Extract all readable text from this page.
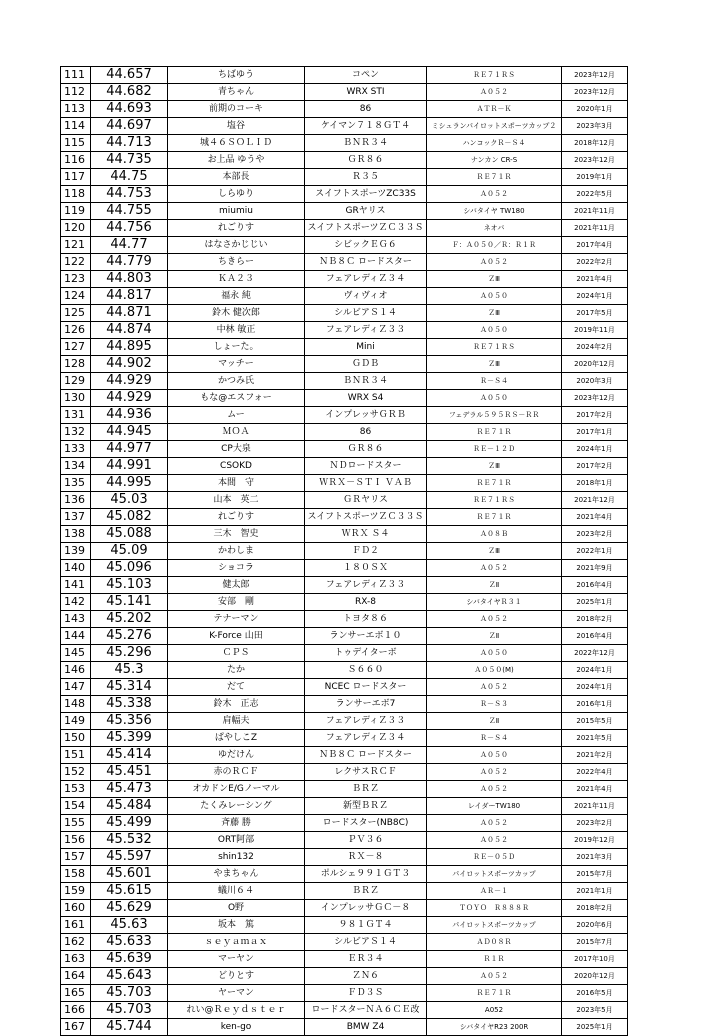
111	44.657	ちばゆう	コペン	ＲＥ７１ＲＳ	2023年12月
112	44.682	青ちゃん	WRX STI	Ａ０５２	2023年12月
113	44.693	前期のコーキ	86	ＡＴＲ－Ｋ	2020年1月
114	44.697	塩谷	ケイマン７１８ＧＴ４	ミシュランパイロットスポーツカップ２	2023年3月
115	44.713	城４６ＳＯＬＩＤ	ＢＮＲ３４	ハンコックＲ－Ｓ４	2018年12月
116	44.735	お上品 ゆうや	ＧＲ８６	ナンカン CR-S	2023年12月
117	44.75	本部長	Ｒ３５	ＲＥ７１Ｒ	2019年1月
118	44.753	しらゆり	スイフトスポーツZC33S	Ａ０５２	2022年5月
119	44.755	miumiu	GRヤリス	シバタイヤ TW180	2021年11月
120	44.756	れごりす	スイフトスポーツＺＣ３３Ｓ	ネオバ	2021年11月
121	44.77	はなさかじじい	シビックＥＧ６	Ｆ：Ａ０５０／Ｒ：Ｒ１Ｒ	2017年4月
122	44.779	ちきらー	ＮＢ８Ｃ ロードスター	Ａ０５２	2022年2月
123	44.803	ＫＡ２３	フェアレディＺ３４	ＺⅢ	2021年4月
124	44.817	福永 純	ヴィヴィオ	Ａ０５０	2024年1月
125	44.871	鈴木 健次郎	シルビアＳ１４	ＺⅢ	2017年5月
126	44.874	中林 敏正	フェアレディＺ３３	Ａ０５０	2019年11月
127	44.895	しょーた。	Mini	ＲＥ７１ＲＳ	2024年2月
128	44.902	マッチー	ＧＤＢ	ＺⅢ	2020年12月
129	44.929	かつみ氏	ＢＮＲ３４	Ｒ－Ｓ４	2020年3月
130	44.929	もな@エスフォー	WRX S4	Ａ０５０	2023年12月
131	44.936	ムー	インプレッサＧＲＢ	フェデラル５９５ＲＳ－ＲＲ	2017年2月
132	44.945	ＭＯＡ	86	ＲＥ７１Ｒ	2017年1月
133	44.977	CP大泉	ＧＲ８６	ＲＥ－１２Ｄ	2024年1月
134	44.991	CSOKD	ＮＤロードスター	ＺⅢ	2017年2月
135	44.995	本間　守	ＷＲＸ－ＳＴＩ ＶＡＢ	ＲＥ７１Ｒ	2018年1月
136	45.03	山本　英二	ＧＲヤリス	ＲＥ７１ＲＳ	2021年12月
137	45.082	れごりす	スイフトスポーツＺＣ３３Ｓ	ＲＥ７１Ｒ	2021年4月
138	45.088	三木　智史	ＷＲＸ Ｓ４	Ａ０８Ｂ	2023年2月
139	45.09	かわしま	ＦＤ２	ＺⅢ	2022年1月
140	45.096	ショコラ	１８０ＳＸ	Ａ０５２	2021年9月
141	45.103	健太郎	フェアレディＺ３３	ＺⅡ	2016年4月
142	45.141	安部　剛	RX-8	シバタイヤＲ３１	2025年1月
143	45.202	テナーマン	トヨタ８６	Ａ０５２	2018年2月
144	45.276	K-Force 山田	ランサーエボ１０	ＺⅡ	2016年4月
145	45.296	ＣＰＳ	トゥデイターボ	Ａ０５０	2022年12月
146	45.3	たか	Ｓ６６０	Ａ０５０(M)	2024年1月
147	45.314	だて	NCEC ロードスター	Ａ０５２	2024年1月
148	45.338	鈴木　正志	ランサーエボ7	Ｒ－Ｓ３	2016年1月
149	45.356	肩幅夫	フェアレディＺ３３	ＺⅡ	2015年5月
150	45.399	ぱやしこZ	フェアレディＺ３４	Ｒ－Ｓ４	2021年5月
151	45.414	ゆだけん	ＮＢ８Ｃ ロードスター	Ａ０５０	2021年2月
152	45.451	赤のＲＣＦ	レクサスＲＣＦ	Ａ０５２	2022年4月
153	45.473	オカドンE/Gノーマル	ＢＲＺ	Ａ０５２	2021年4月
154	45.484	たくみレーシング	新型ＢＲＺ	レイダーTW180	2021年11月
155	45.499	斉藤 勝	ロードスター(NB8C)	Ａ０５２	2023年2月
156	45.532	ORT阿部	ＰＶ３６	Ａ０５２	2019年12月
157	45.597	shin132	ＲＸ－８	ＲＥ－０５Ｄ	2021年3月
158	45.601	やまちゃん	ポルシェ９９１ＧＴ３	パイロットスポーツカップ	2015年7月
159	45.615	蟻川６４	ＢＲＺ	ＡＲ－１	2021年1月
160	45.629	O野	インプレッサＧＣ－８	ＴＯＹＯ　Ｒ８８８Ｒ	2018年2月
161	45.63	坂本　篤	９８１ＧＴ４	パイロットスポーツカップ	2020年6月
162	45.633	ｓｅｙａｍａｘ	シルビアＳ１４	ＡＤ０８Ｒ	2015年7月
163	45.639	マーヤン	ＥＲ３４	Ｒ１Ｒ	2017年10月
164	45.643	どりとす	ＺＮ６	Ａ０５２	2020年12月
165	45.703	ヤーマン	ＦＤ３Ｓ	ＲＥ７１Ｒ	2016年5月
166	45.703	れい@Ｒｅｙｄｓｔｅｒ	ロードスターＮＡ６ＣＥ改	A052	2023年5月
167	45.744	ken-go	BMW Z4	シバタイヤR23 200R	2025年1月
